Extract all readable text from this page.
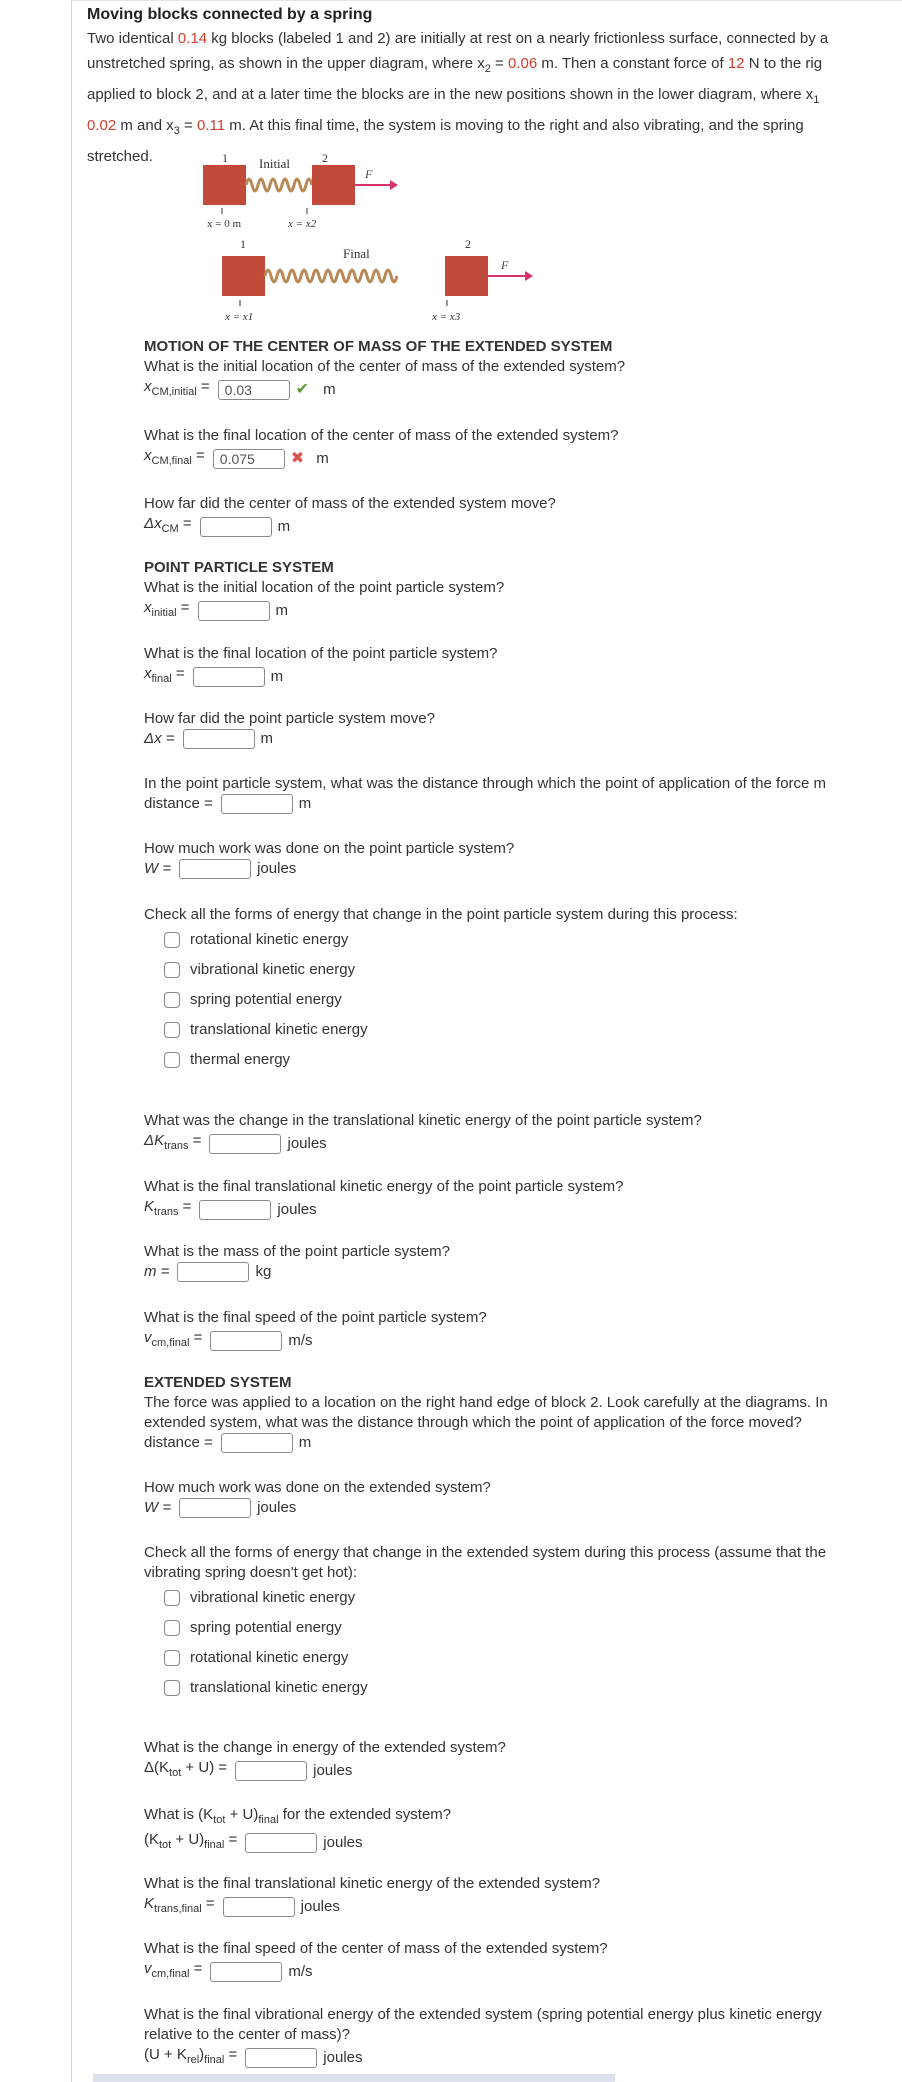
Moving blocks connected by a spring
Two identical 0.14 kg blocks (labeled 1 and 2) are initially at rest on a nearly frictionless surface, connected by a
unstretched spring, as shown in the upper diagram, where $x_2 = 0.06$ m. Then a constant force of 12 N to the rig
applied to block 2, and at a later time the blocks are in the new positions shown in the lower diagram, where $x_1$
0.02 m and $x_3 = 0.11$ m. At this final time, the system is moving to the right and also vibrating, and the spring
stretched.	1 Initial	2
F
x = 0 m	x = x2
1
Final
2
F
x = x1	x = x3
MOTION OF THE CENTER OF MASS OF THE EXTENDED SYSTEM
What is the initial location of the center of mass of the extended system?
$x_{CM,initial}$ =
0.03	✔ m
What is the final location of the center of mass of the extended system?
$x_{CM,final}$ =
0.075	✖ m
How far did the center of mass of the extended system move?
$\Delta x_{CM}$ =	m
POINT PARTICLE SYSTEM
What is the initial location of the point particle system?
$x_{initial}$ =	m
What is the final location of the point particle system?
$x_{final}$ =	m
How far did the point particle system move?
Δx =	m
In the point particle system, what was the distance through which the point of application of the force m
distance =	m
How much work was done on the point particle system?
W =	joules
Check all the forms of energy that change in the point particle system during this process:
rotational kinetic energy
vibrational kinetic energy
spring potential energy
translational kinetic energy
thermal energy
What was the change in the translational kinetic energy of the point particle system?
$\Delta K_{trans}$ =	joules
What is the final translational kinetic energy of the point particle system?
$K_{trans}$ =	joules
What is the mass of the point particle system?
m =	kg
What is the final speed of the point particle system?
$v_{cm,final}$ =	m/s
EXTENDED SYSTEM
The force was applied to a location on the right hand edge of block 2. Look carefully at the diagrams. In
extended system, what was the distance through which the point of application of the force moved?
distance =	m
How much work was done on the extended system?
W =	joules
Check all the forms of energy that change in the extended system during this process (assume that the
vibrating spring doesn't get hot):
vibrational kinetic energy
spring potential energy
rotational kinetic energy
translational kinetic energy
What is the change in energy of the extended system?
$\Delta(K_{tot} + U)$ =	joules
What is $(K_{tot} + U)_{final}$ for the extended system?
$(K_{tot} + U)_{final}$ =	joules
What is the final translational kinetic energy of the extended system?
$K_{trans,final}$ =	joules
What is the final speed of the center of mass of the extended system?
$v_{cm,final}$ =	m/s
What is the final vibrational energy of the extended system (spring potential energy plus kinetic energy
relative to the center of mass)?
$(U + K_{rel})_{final}$ =	joules
